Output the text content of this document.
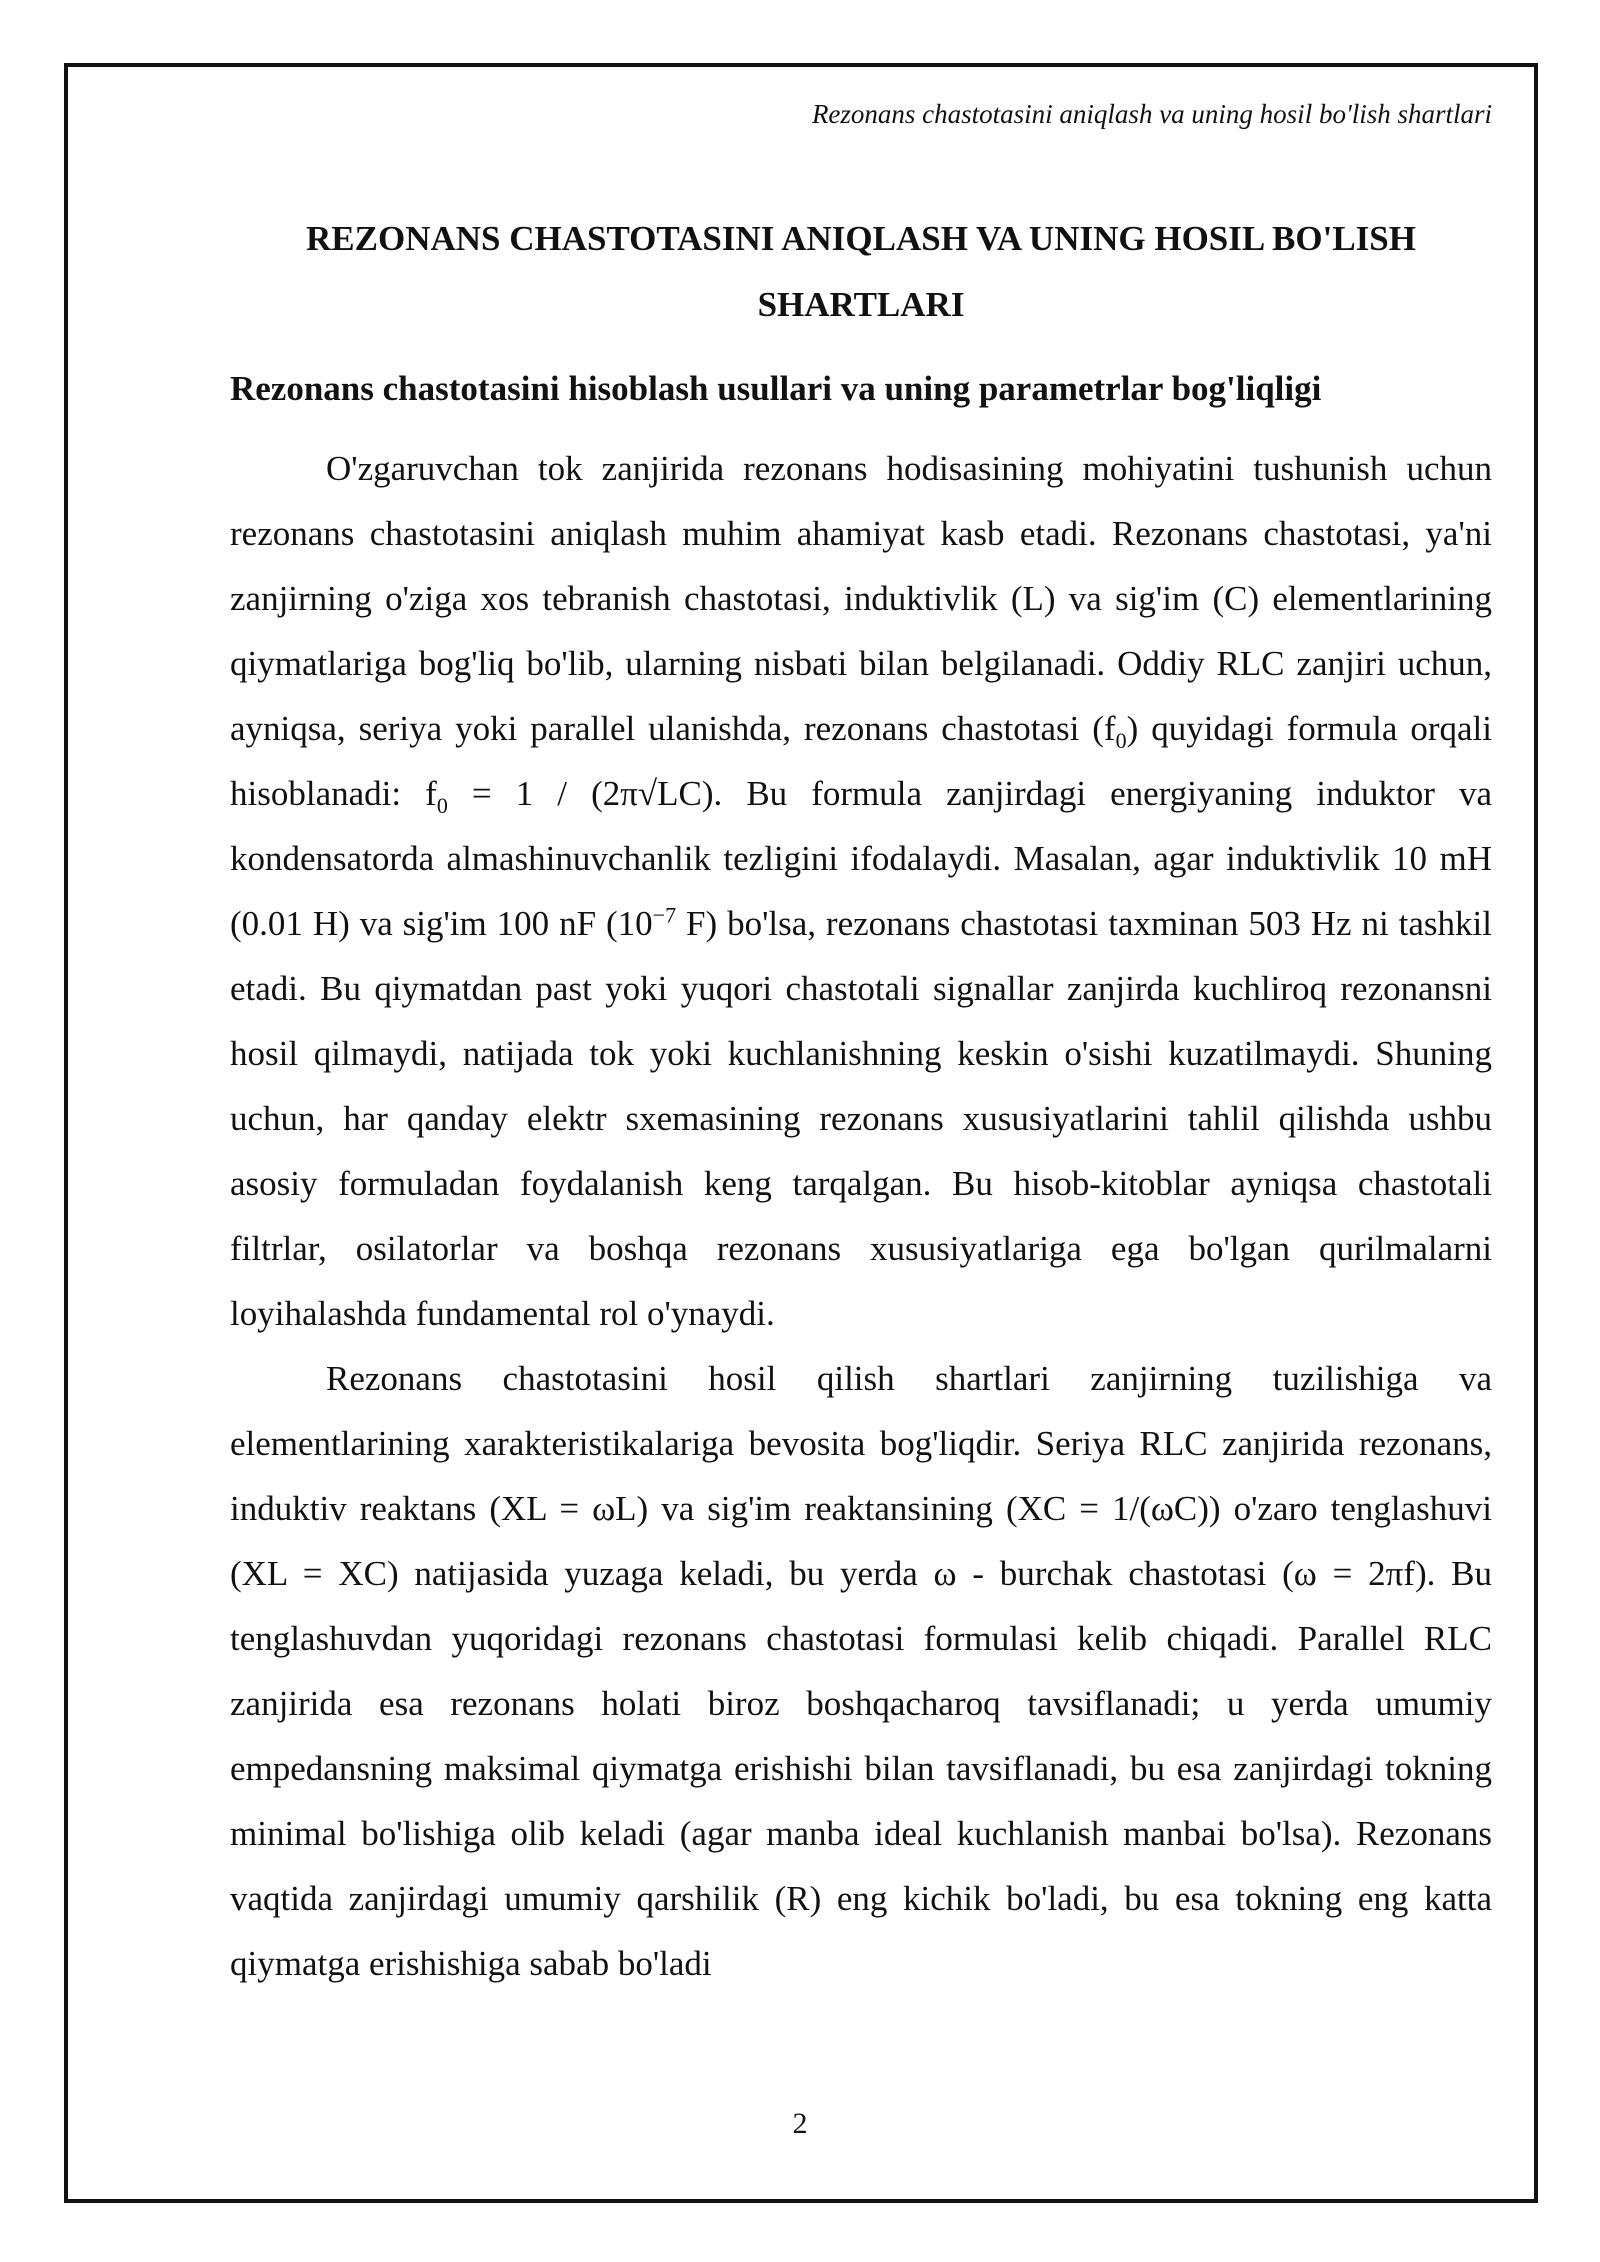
Rezonans chastotasini aniqlash va uning hosil bo'lish shartlari
REZONANS CHASTOTASINI ANIQLASH VA UNING HOSIL BO'LISH SHARTLARI
Rezonans chastotasini hisoblash usullari va uning parametrlar bog'liqligi

O'zgaruvchan tok zanjirida rezonans hodisasining mohiyatini tushunish uchun rezonans chastotasini aniqlash muhim ahamiyat kasb etadi. Rezonans chastotasi, ya'ni zanjirning o'ziga xos tebranish chastotasi, induktivlik (L) va sig'im (C) elementlarining qiymatlariga bog'liq bo'lib, ularning nisbati bilan belgilanadi. Oddiy RLC zanjiri uchun, ayniqsa, seriya yoki parallel ulanishda, rezonans chastotasi $(f_0)$ quyidagi formula orqali hisoblanadi: $f_0 = 1 / (2\pi√LC)$. Bu formula zanjirdagi energiyaning induktor va kondensatorda almashinuvchanlik tezligini ifodalaydi. Masalan, agar induktivlik 10 mH (0.01 H) va sig'im 100 nF ($10^{-7}$ F) bo'lsa, rezonans chastotasi taxminan 503 Hz ni tashkil etadi. Bu qiymatdan past yoki yuqori chastotali signallar zanjirda kuchliroq rezonansni hosil qilmaydi, natijada tok yoki kuchlanishning keskin o'sishi kuzatilmaydi. Shuning uchun, har qanday elektr sxemasining rezonans xususiyatlarini tahlil qilishda ushbu asosiy formuladan foydalanish keng tarqalgan. Bu hisob-kitoblar ayniqsa chastotali filtrlar, osilatorlar va boshqa rezonans xususiyatlariga ega bo'lgan qurilmalarni loyihalashda fundamental rol o'ynaydi.

Rezonans chastotasini hosil qilish shartlari zanjirning tuzilishiga va elementlarining xarakteristikalariga bevosita bog'liqdir. Seriya RLC zanjirida rezonans, induktiv reaktans (XL = ωL) va sig'im reaktansining (XC = 1/(ωC)) o'zaro tenglashuvi (XL = XC) natijasida yuzaga keladi, bu yerda ω - burchak chastotasi (ω = 2πf). Bu tenglashuvdan yuqoridagi rezonans chastotasi formulasi kelib chiqadi. Parallel RLC zanjirida esa rezonans holati biroz boshqacharoq tavsiflanadi; u yerda umumiy empedansning maksimal qiymatga erishishi bilan tavsiflanadi, bu esa zanjirdagi tokning minimal bo'lishiga olib keladi (agar manba ideal kuchlanish manbai bo'lsa). Rezonans vaqtida zanjirdagi umumiy qarshilik (R) eng kichik bo'ladi, bu esa tokning eng katta qiymatga erishishiga sabab bo'ladi

2
